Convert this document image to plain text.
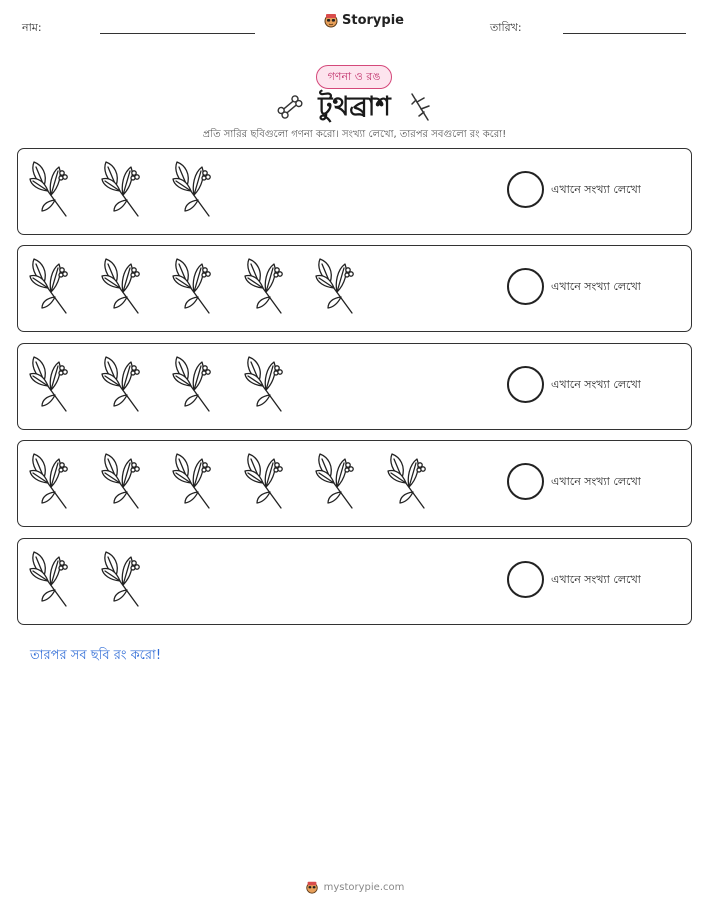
নাম:	Storypie	তারিখ:
গণনা ও রঙ
টুথব্রাশ
প্রতি সারির ছবিগুলো গণনা করো। সংখ্যা লেখো, তারপর সবগুলো রং করো!
এখানে সংখ্যা লেখো
এখানে সংখ্যা লেখো
এখানে সংখ্যা লেখো
এখানে সংখ্যা লেখো
এখানে সংখ্যা লেখো
তারপর সব ছবি রং করো!
mystorypie.com
